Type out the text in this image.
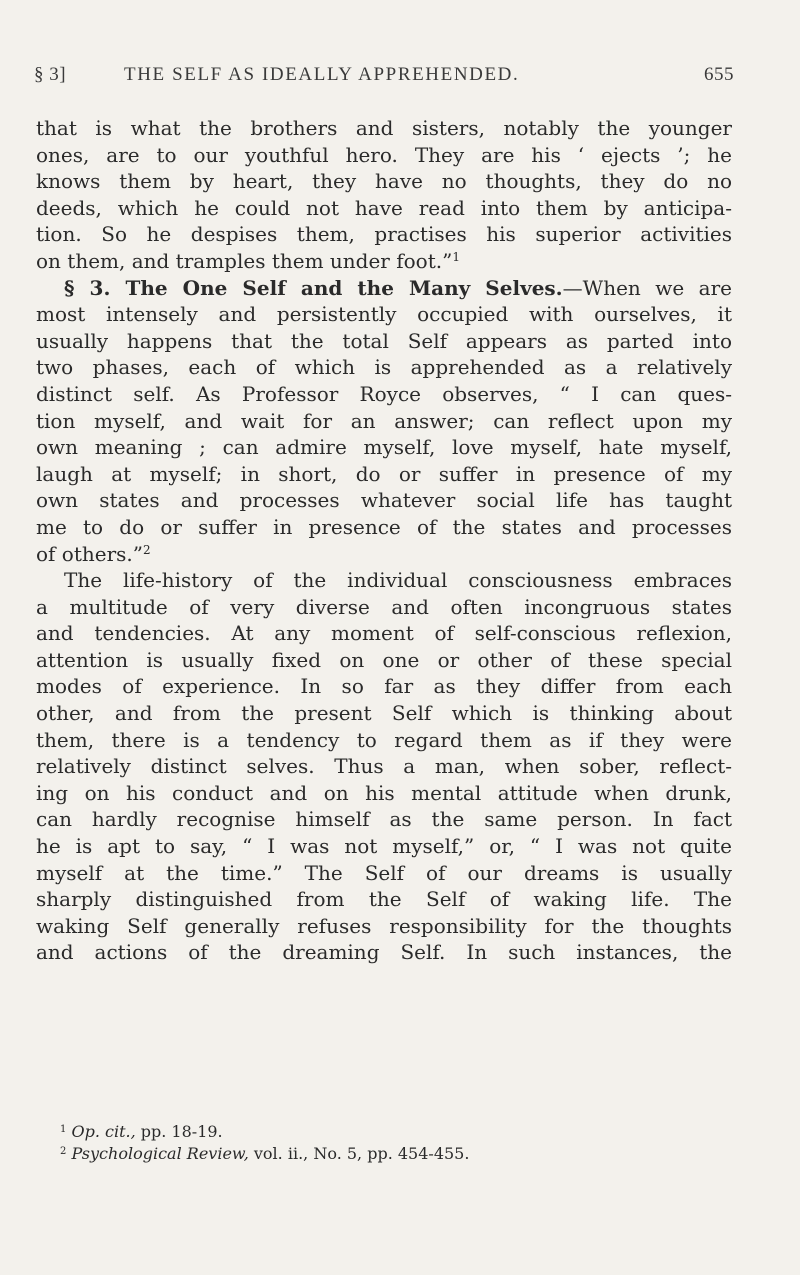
§ 3]	THE SELF AS IDEALLY APPREHENDED.	655
that is what the brothers and sisters, notably the younger
ones, are to our youthful hero. They are his ‘ ejects ’; he
knows them by heart, they have no thoughts, they do no
deeds, which he could not have read into them by anticipa-
tion. So he despises them, practises his superior activities
on them, and tramples them under foot.”$^1$
§ 3. The One Self and the Many Selves.—When we are
most intensely and persistently occupied with ourselves, it
usually happens that the total Self appears as parted into
two phases, each of which is apprehended as a relatively
distinct self. As Professor Royce observes, “ I can ques-
tion myself, and wait for an answer; can reflect upon my
own meaning ; can admire myself, love myself, hate myself,
laugh at myself; in short, do or suffer in presence of my
own states and processes whatever social life has taught
me to do or suffer in presence of the states and processes
of others.”$^2$
The life-history of the individual consciousness embraces
a multitude of very diverse and often incongruous states
and tendencies. At any moment of self-conscious reflexion,
attention is usually fixed on one or other of these special
modes of experience. In so far as they differ from each
other, and from the present Self which is thinking about
them, there is a tendency to regard them as if they were
relatively distinct selves. Thus a man, when sober, reflect-
ing on his conduct and on his mental attitude when drunk,
can hardly recognise himself as the same person. In fact
he is apt to say, “ I was not myself,” or, “ I was not quite
myself at the time.” The Self of our dreams is usually
sharply distinguished from the Self of waking life. The
waking Self generally refuses responsibility for the thoughts
and actions of the dreaming Self. In such instances, the
$^1$ Op. cit., pp. 18-19.
$^2$ Psychological Review, vol. ii., No. 5, pp. 454-455.
